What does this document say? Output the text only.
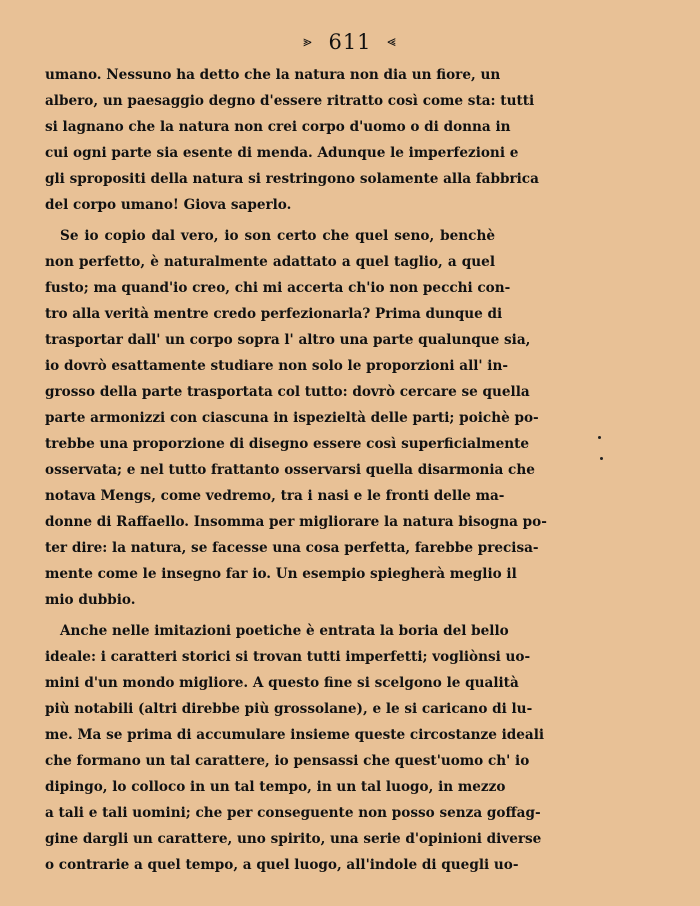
⪢ 611 ⪡
umano. Nessuno ha detto che la natura non dia un fiore, un
albero, un paesaggio degno d'essere ritratto così come sta: tutti
si lagnano che la natura non crei corpo d'uomo o di donna in
cui ogni parte sia esente di menda. Adunque le imperfezioni e
gli spropositi della natura si restringono solamente alla fabbrica
del corpo umano! Giova saperlo.
Se io copio dal vero, io son certo che quel seno, benchè
non perfetto, è naturalmente adattato a quel taglio, a quel
fusto; ma quand'io creo, chi mi accerta ch'io non pecchi con-
tro alla verità mentre credo perfezionarla? Prima dunque di
trasportar dall' un corpo sopra l' altro una parte qualunque sia,
io dovrò esattamente studiare non solo le proporzioni all' in-
grosso della parte trasportata col tutto: dovrò cercare se quella
parte armonizzi con ciascuna in ispezieltà delle parti; poichè po-
trebbe una proporzione di disegno essere così superficialmente
osservata; e nel tutto frattanto osservarsi quella disarmonia che
notava Mengs, come vedremo, tra i nasi e le fronti delle ma-
donne di Raffaello. Insomma per migliorare la natura bisogna po-
ter dire: la natura, se facesse una cosa perfetta, farebbe precisa-
mente come le insegno far io. Un esempio spiegherà meglio il
mio dubbio.
Anche nelle imitazioni poetiche è entrata la boria del bello
ideale: i caratteri storici si trovan tutti imperfetti; vogliònsi uo-
mini d'un mondo migliore. A questo fine si scelgono le qualità
più notabili (altri direbbe più grossolane), e le si caricano di lu-
me. Ma se prima di accumulare insieme queste circostanze ideali
che formano un tal carattere, io pensassi che quest'uomo ch' io
dipingo, lo colloco in un tal tempo, in un tal luogo, in mezzo
a tali e tali uomini; che per conseguente non posso senza goffag-
gine dargli un carattere, uno spirito, una serie d'opinioni diverse
o contrarie a quel tempo, a quel luogo, all'indole di quegli uo-
